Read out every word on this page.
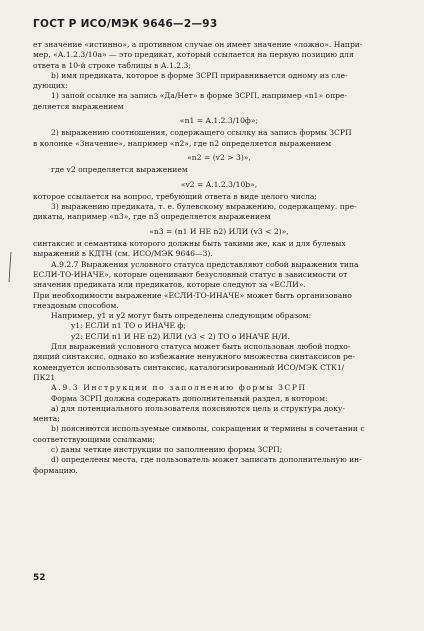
ГОСТ Р ИСО/МЭК 9646—2—93

ет значение «истинно», а противном случае он имеет значение «ложно». Напри-

мер, «А.1.2.3/10а» — это предикат, который ссылается на первую позицию для

ответа в 10-й строке таблицы в А.1.2.3;

b) имя предиката, которое в форме ЗСРП приравнивается одному из сле-

дующих:

1) запой ссылке на запись «Да/Нет» в форме ЗСРП, например «n1» опре-

деляется выражением

«n1 = A.1.2.3/10ф»;

2) выражению соотношения, содержащего ссылку на запись формы ЗСРП

в колонке «Значение», например «n2», где n2 определяется выражением

«n2 = (v2 > 3)»,

где v2 определяется выражением

«v2 = A.1.2.3/10b»,

которое ссылается на вопрос, требующий ответа в виде целого числа;

3) выражению предиката, т. е. булевскому выражению, содержащему. пре-

дикаты, например «n3», где n3 определяется выражением

«n3 = (n1 И НЕ n2) ИЛИ (v3 < 2)»,

синтаксис и семантика которого должны быть такими же, как и для булевых

выражений в КДТН (см. ИСО/МЭК 9646—3).

А.9.2.7 Выражения условного статуса представляют собой выражения типа

ЕСЛИ-ТО-ИНАЧЕ», которые оценивают безусловный статус в зависимости от

значения предиката или предикатов, которые следуют за «ЕСЛИ».

При необходимости выражение «ЕСЛИ-ТО-ИНАЧЕ» может быть организовано

гнездовым способом.

Например, y1 и y2 могут быть определены следующим образом:

y1: ЕСЛИ n1 ТО о ИНАЧЕ ф;

y2: ЕСЛИ n1 И НЕ n2) ИЛИ (v3 < 2) ТО о ИНАЧЕ Н/И.

Для выражений условного статуса может быть использован любой подхо-

дящий синтаксис, однако во избежание ненужного множества синтаксисов ре-

комендуется использовать синтаксис, каталогизированный ИСО/МЭК СТК1/

ПК21

А.9.3 Инструкции по заполнению формы ЗСРП

Форма ЗСРП должна содержать дополнительный раздел, в котором:

а) для потенциального пользователя поясняются цель и структура доку-

мента;

b) поясняются используемые символы, сокращения и термины в сочетании с

соответствующими ссылками;

с) даны четкие инструкции по заполнению формы ЗСРП;

d) определены места, где пользователь может записать дополнительную ин-

формацию.

52
